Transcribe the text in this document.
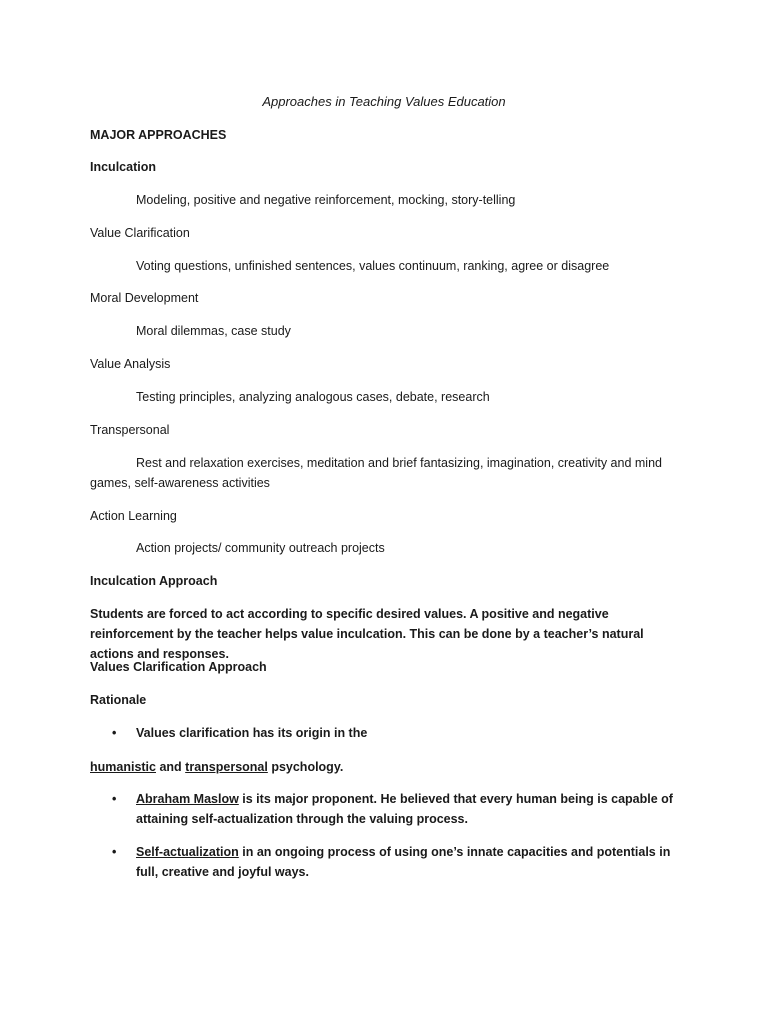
Approaches in Teaching Values Education
MAJOR APPROACHES
Inculcation
Modeling, positive and negative reinforcement, mocking, story-telling
Value Clarification
Voting questions, unfinished sentences, values continuum, ranking, agree or disagree
Moral Development
Moral dilemmas, case study
Value Analysis
Testing principles, analyzing analogous cases, debate, research
Transpersonal
Rest and relaxation exercises, meditation and brief fantasizing, imagination, creativity and mind games, self-awareness activities
Action Learning
Action projects/ community outreach projects
Inculcation Approach
Students are forced to act according to specific desired values. A positive and negative reinforcement by the teacher helps value inculcation. This can be done by a teacher’s natural actions and responses.
Values Clarification Approach
Rationale
• Values clarification has its origin in the
humanistic and transpersonal psychology.
• Abraham Maslow is its major proponent. He believed that every human being is capable of attaining self-actualization through the valuing process.
• Self-actualization in an ongoing process of using one’s innate capacities and potentials in full, creative and joyful ways.
